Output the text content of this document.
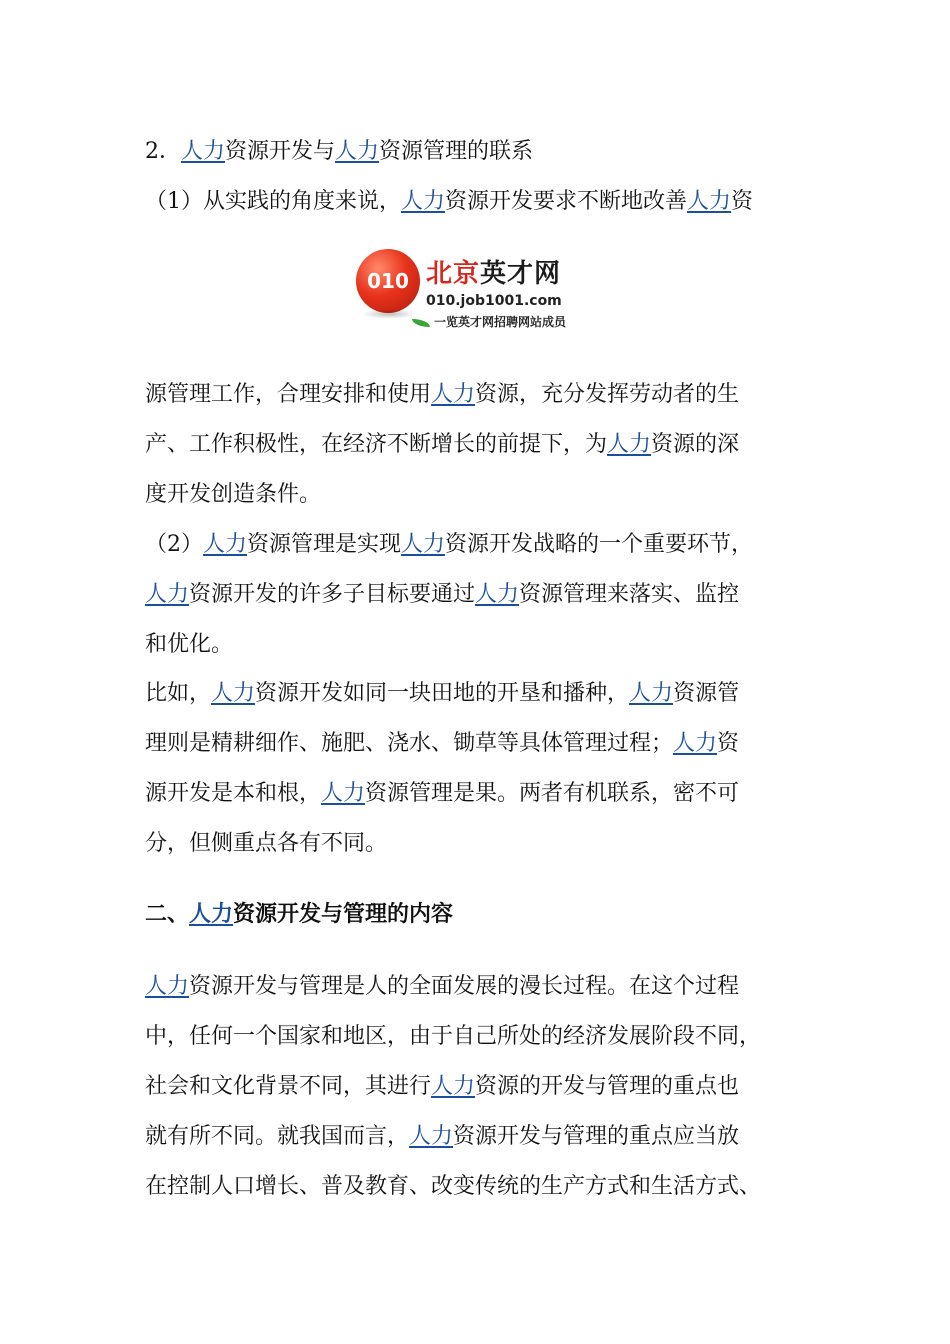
2．人力资源开发与人力资源管理的联系
（1）从实践的角度来说，人力资源开发要求不断地改善人力资

010 北京英才网
010.job1001.com
一览英才网招聘网站成员

源管理工作，合理安排和使用人力资源，充分发挥劳动者的生
产、工作积极性，在经济不断增长的前提下，为人力资源的深
度开发创造条件。

（2）人力资源管理是实现人力资源开发战略的一个重要环节，
人力资源开发的许多子目标要通过人力资源管理来落实、监控
和优化。

比如，人力资源开发如同一块田地的开垦和播种，人力资源管
理则是精耕细作、施肥、浇水、锄草等具体管理过程；人力资
源开发是本和根，人力资源管理是果。两者有机联系，密不可
分，但侧重点各有不同。

二、人力资源开发与管理的内容

人力资源开发与管理是人的全面发展的漫长过程。在这个过程
中，任何一个国家和地区，由于自己所处的经济发展阶段不同，
社会和文化背景不同，其进行人力资源的开发与管理的重点也
就有所不同。就我国而言，人力资源开发与管理的重点应当放
在控制人口增长、普及教育、改变传统的生产方式和生活方式、
